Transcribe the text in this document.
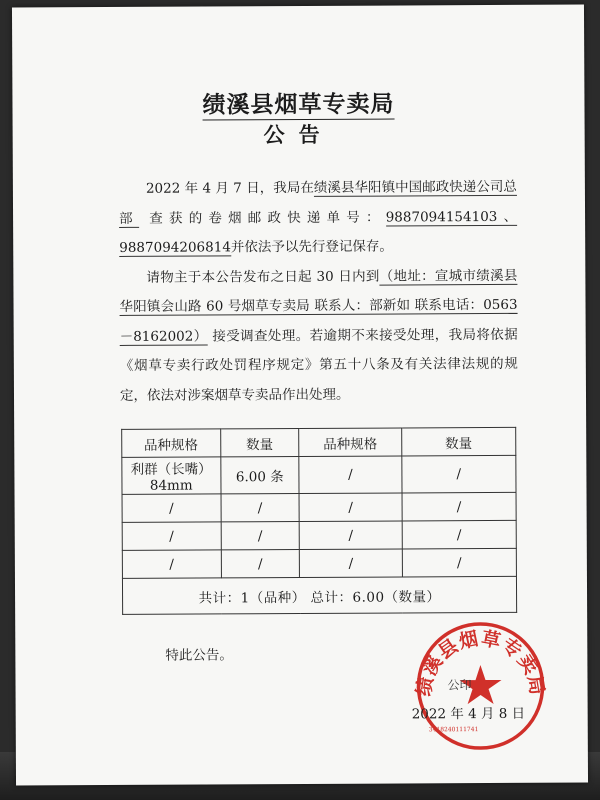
绩溪县烟草专卖局
公告

2022 年 4 月 7 日，我局在绩溪县华阳镇中国邮政快递公司总部 查获的卷烟邮政快递单号：9887094154103、9887094206814并依法予以先行登记保存。

请物主于本公告发布之日起 30 日内到（地址：宣城市绩溪县华阳镇会山路 60 号烟草专卖局 联系人：部新如 联系电话：0563－8162002） 接受调查处理。若逾期不来接受处理，我局将依据《烟草专卖行政处罚程序规定》第五十八条及有关法律法规的规定，依法对涉案烟草专卖品作出处理。

品种规格	数量	品种规格	数量
利群（长嘴）84mm	6.00 条	/	/
/	/	/	/
/	/	/	/
/	/	/	/
共计：1（品种） 总计：6.00（数量）			
特此公告。
绩溪县烟草专卖局
公印
3418240111741
2022 年 4 月 8 日
